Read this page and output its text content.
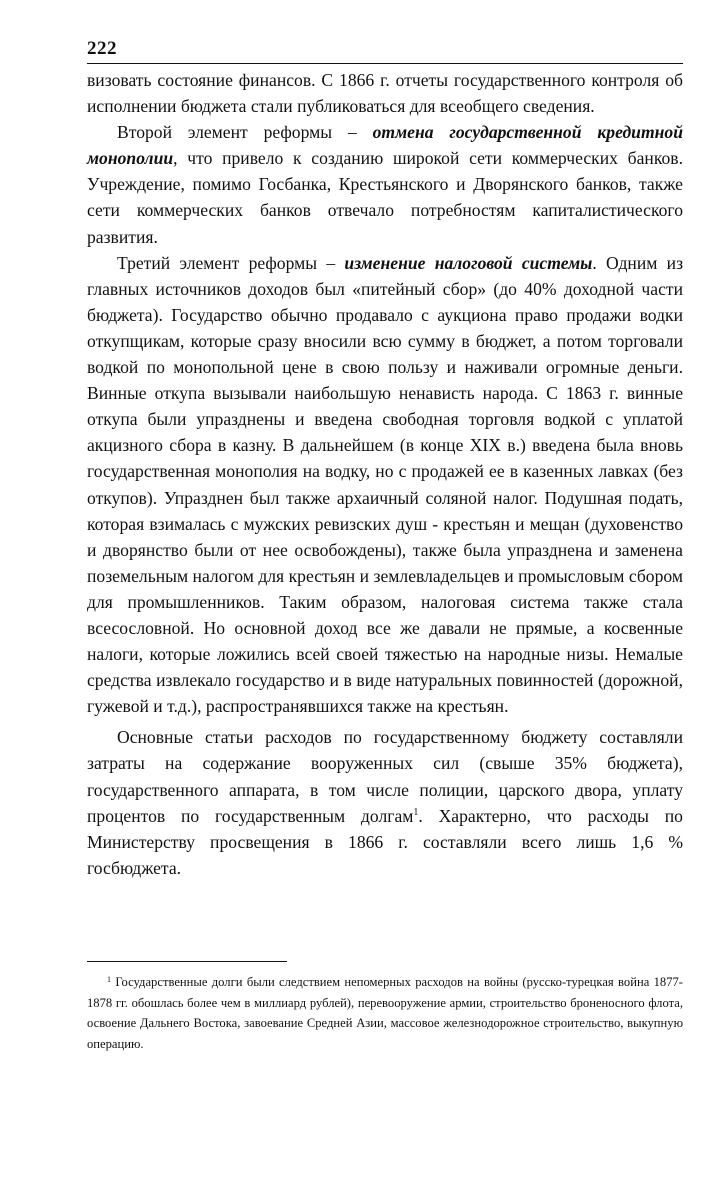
222

визовать состояние финансов. С 1866 г. отчеты государственного контроля об исполнении бюджета стали публиковаться для всеобщего сведения.

Второй элемент реформы – отмена государственной кредитной монополии, что привело к созданию широкой сети коммерческих банков. Учреждение, помимо Госбанка, Крестьянского и Дворянского банков, также сети коммерческих банков отвечало потребностям капиталистического развития.

Третий элемент реформы – изменение налоговой системы. Одним из главных источников доходов был «питейный сбор» (до 40% доходной части бюджета). Государство обычно продавало с аукциона право продажи водки откупщикам, которые сразу вносили всю сумму в бюджет, а потом торговали водкой по монопольной цене в свою пользу и наживали огромные деньги. Винные откупа вызывали наибольшую ненависть народа. С 1863 г. винные откупа были упразднены и введена свободная торговля водкой с уплатой акцизного сбора в казну. В дальнейшем (в конце XIX в.) введена была вновь государственная монополия на водку, но с продажей ее в казенных лавках (без откупов). Упразднен был также архаичный соляной налог. Подушная подать, которая взималась с мужских ревизских душ - крестьян и мещан (духовенство и дворянство были от нее освобождены), также была упразднена и заменена поземельным налогом для крестьян и землевладельцев и промысловым сбором для промышленников. Таким образом, налоговая система также стала всесословной. Но основной доход все же давали не прямые, а косвенные налоги, которые ложились всей своей тяжестью на народные низы. Немалые средства извлекало государство и в виде натуральных повинностей (дорожной, гужевой и т.д.), распространявшихся также на крестьян.

Основные статьи расходов по государственному бюджету составляли затраты на содержание вооруженных сил (свыше 35% бюджета), государственного аппарата, в том числе полиции, царского двора, уплату процентов по государственным долгам$^1$. Характерно, что расходы по Министерству просвещения в 1866 г. составляли всего лишь 1,6 % госбюджета.

$^1$ Государственные долги были следствием непомерных расходов на войны (русско-турецкая война 1877-1878 гг. обошлась более чем в миллиард рублей), перевооружение армии, строительство броненосного флота, освоение Дальнего Востока, завоевание Средней Азии, массовое железнодорожное строительство, выкупную операцию.
